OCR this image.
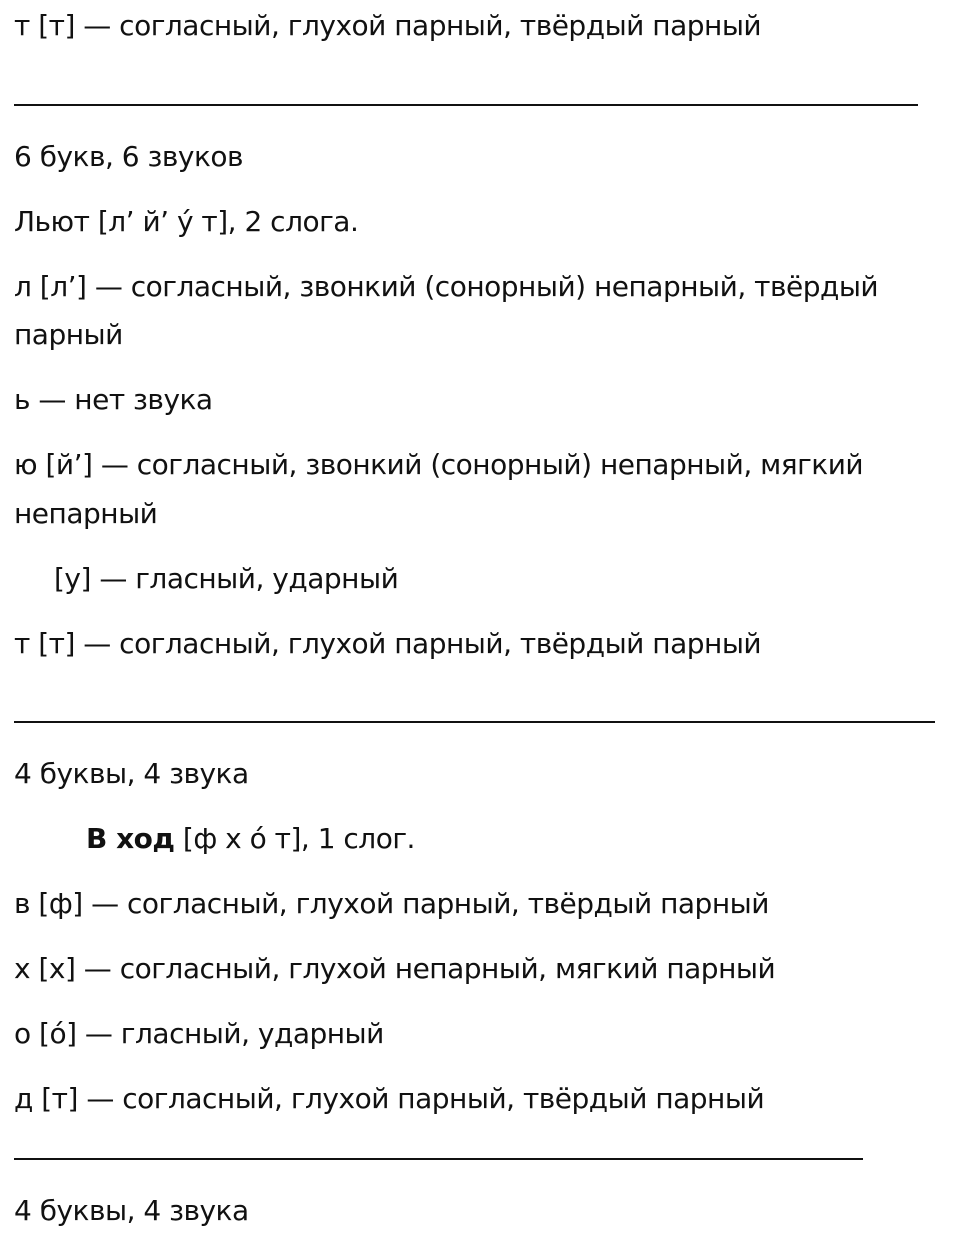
т [т] — согласный, глухой парный, твёрдый парный
6 букв, 6 звуков
Льют [л’ й’ у́ т], 2 слога.
л [л’] — согласный, звонкий (сонорный) непарный, твёрдый
парный
ь — нет звука
ю [й’] — согласный, звонкий (сонорный) непарный, мягкий
непарный
[у] — гласный, ударный
т [т] — согласный, глухой парный, твёрдый парный
4 буквы, 4 звука
В ход [ф х о́ т], 1 слог.
в [ф] — согласный, глухой парный, твёрдый парный
х [х] — согласный, глухой непарный, мягкий парный
о [о́] — гласный, ударный
д [т] — согласный, глухой парный, твёрдый парный
4 буквы, 4 звука
